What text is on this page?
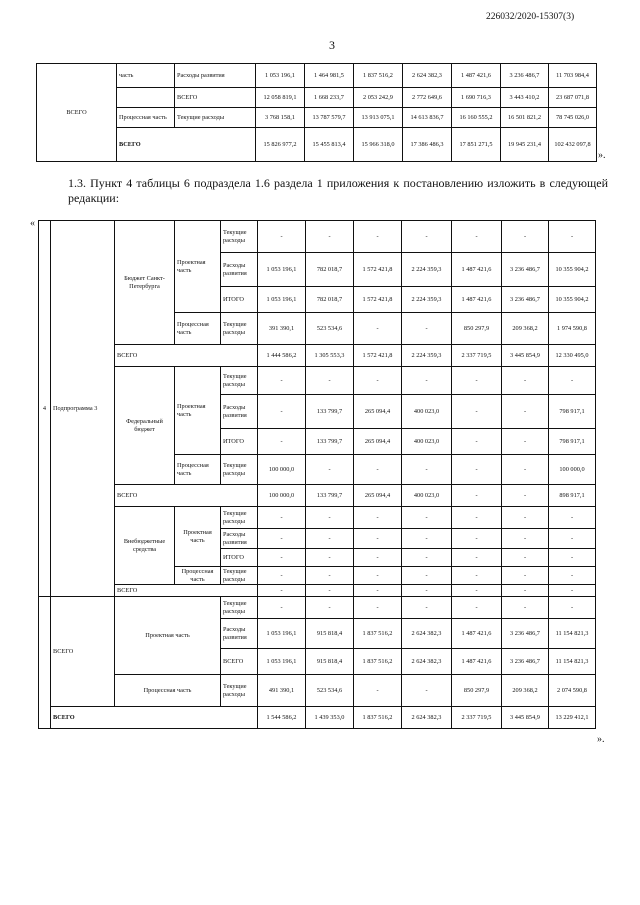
226032/2020-15307(3)
3
ВСЕГО	часть	Расходы развития	1 053 196,1	1 464 981,5	1 837 516,2	2 624 382,3	1 487 421,6	3 236 486,7	11 703 984,4
		ВСЕГО	12 058 819,1	1 668 233,7	2 053 242,9	2 772 649,6	1 690 716,3	3 443 410,2	23 687 071,8
	Процессная часть	Текущие расходы	3 768 158,1	13 787 579,7	13 913 075,1	14 613 836,7	16 160 555,2	16 501 821,2	78 745 026,0
	ВСЕГО		15 826 977,2	15 455 813,4	15 966 318,0	17 386 486,3	17 851 271,5	19 945 231,4	102 432 097,8
».
1.3. Пункт 4 таблицы 6 подраздела 1.6 раздела 1 приложения к постановлению изложить в следующей редакции:
«
4	Подпрограмма 3	Бюджет Санкт-Петербурга	Проектная часть	Текущие расходы	-	-	-	-	-	-	-
				Расходы развития	1 053 196,1	782 018,7	1 572 421,8	2 224 359,3	1 487 421,6	3 236 486,7	10 355 904,2
				ИТОГО	1 053 196,1	782 018,7	1 572 421,8	2 224 359,3	1 487 421,6	3 236 486,7	10 355 904,2
			Процессная часть	Текущие расходы	391 390,1	523 534,6	-	-	850 297,9	209 368,2	1 974 590,8
		ВСЕГО			1 444 586,2	1 305 553,3	1 572 421,8	2 224 359,3	2 337 719,5	3 445 854,9	12 330 495,0
		Федеральный бюджет	Проектная часть	Текущие расходы	-	-	-	-	-	-	-
				Расходы развития	-	133 799,7	265 094,4	400 023,0	-	-	798 917,1
				ИТОГО	-	133 799,7	265 094,4	400 023,0	-	-	798 917,1
			Процессная часть	Текущие расходы	100 000,0	-	-	-	-	-	100 000,0
		ВСЕГО			100 000,0	133 799,7	265 094,4	400 023,0	-	-	898 917,1
		Внебюджетные средства	Проектная часть	Текущие расходы	-	-	-	-	-	-	-
				Расходы развития	-	-	-	-	-	-	-
				ИТОГО	-	-	-	-	-	-	-
			Процессная часть	Текущие расходы	-	-	-	-	-	-	-
		ВСЕГО			-	-	-	-	-	-	-
	ВСЕГО	Проектная часть		Текущие расходы	-	-	-	-	-	-	-
				Расходы развития	1 053 196,1	915 818,4	1 837 516,2	2 624 382,3	1 487 421,6	3 236 486,7	11 154 821,3
				ВСЕГО	1 053 196,1	915 818,4	1 837 516,2	2 624 382,3	1 487 421,6	3 236 486,7	11 154 821,3
		Процессная часть		Текущие расходы	491 390,1	523 534,6	-	-	850 297,9	209 368,2	2 074 590,8
	ВСЕГО				1 544 586,2	1 439 353,0	1 837 516,2	2 624 382,3	2 337 719,5	3 445 854,9	13 229 412,1
».
